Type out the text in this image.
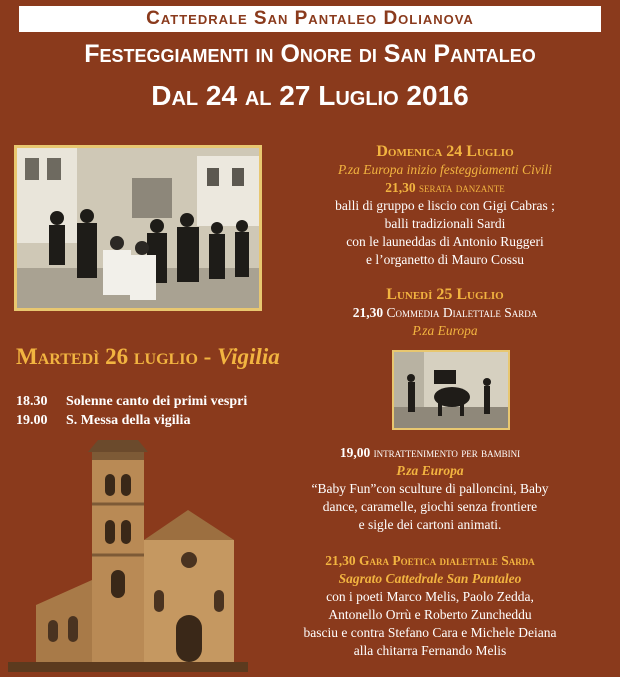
Cattedrale San Pantaleo Dolianova
Festeggiamenti in Onore di San Pantaleo
Dal 24 al 27 Luglio 2016
Domenica 24 Luglio
P.za Europa inizio festeggiamenti Civili
21,30 serata danzante
balli di gruppo e liscio con Gigi Cabras ;
balli tradizionali Sardi
con le launeddas di Antonio Ruggeri
e l’organetto di Mauro Cossu
Lunedì 25 Luglio
21,30 Commedia Dialettale Sarda
P.za Europa
Martedì 26 luglio - Vigilia
18.30 Solenne canto dei primi vespri
19.00 S. Messa della vigilia
19,00 intrattenimento per bambini
P.za Europa
“Baby Fun”con sculture di palloncini, Baby
dance, caramelle, giochi senza frontiere
e sigle dei cartoni animati.
21,30 Gara Poetica dialettale Sarda
Sagrato Cattedrale San Pantaleo
con i poeti Marco Melis, Paolo Zedda,
Antonello Orrù e Roberto Zuncheddu
basciu e contra Stefano Cara e Michele Deiana
alla chitarra Fernando Melis
